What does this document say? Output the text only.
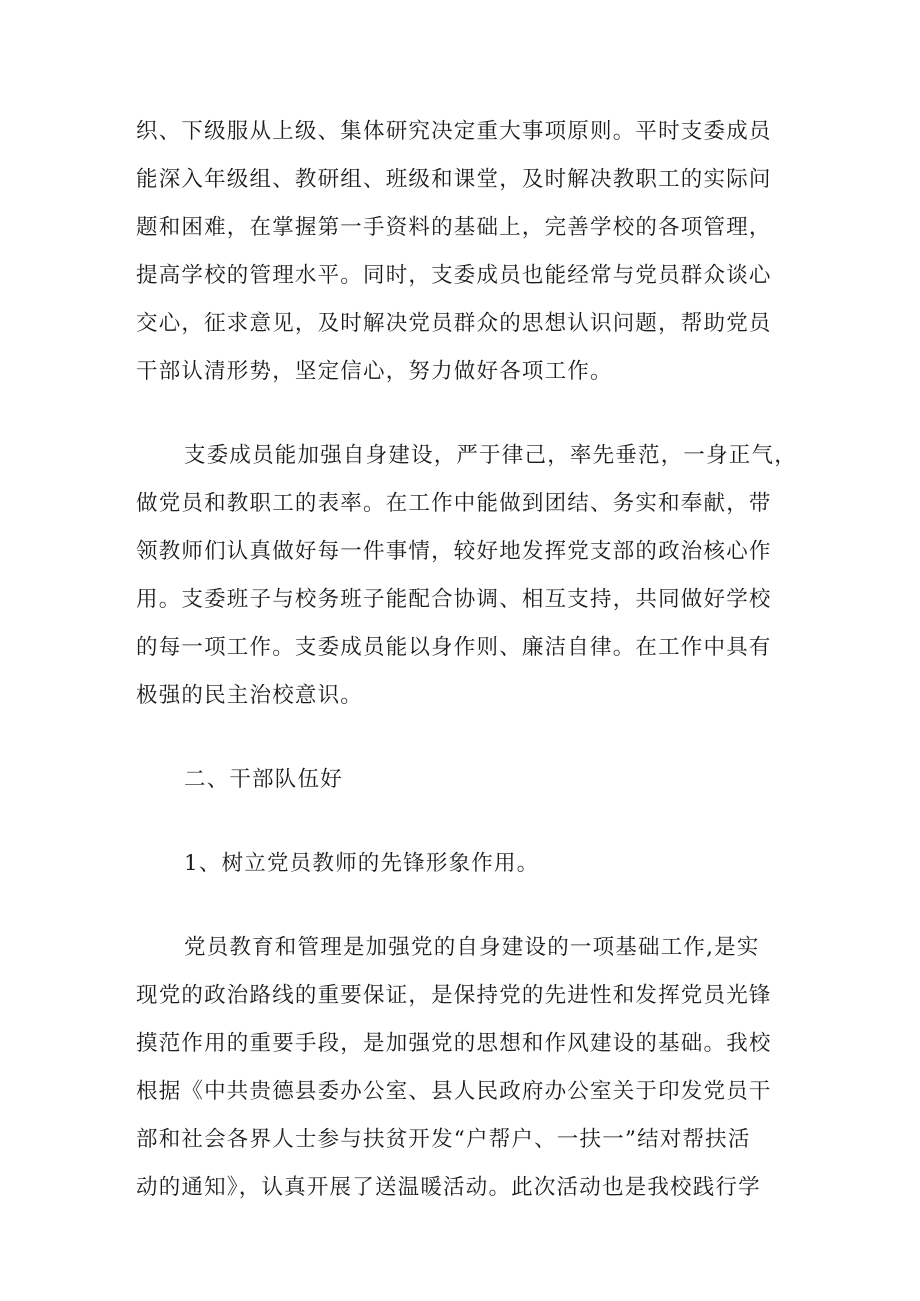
织、下级服从上级、集体研究决定重大事项原则。平时支委成员
能深入年级组、教研组、班级和课堂，及时解决教职工的实际问
题和困难，在掌握第一手资料的基础上，完善学校的各项管理，
提高学校的管理水平。同时，支委成员也能经常与党员群众谈心
交心，征求意见，及时解决党员群众的思想认识问题，帮助党员
干部认清形势，坚定信心，努力做好各项工作。

支委成员能加强自身建设，严于律己，率先垂范，一身正气，
做党员和教职工的表率。在工作中能做到团结、务实和奉献，带
领教师们认真做好每一件事情，较好地发挥党支部的政治核心作
用。支委班子与校务班子能配合协调、相互支持，共同做好学校
的每一项工作。支委成员能以身作则、廉洁自律。在工作中具有
极强的民主治校意识。

二、干部队伍好

1、树立党员教师的先锋形象作用。

党员教育和管理是加强党的自身建设的一项基础工作,是实
现党的政治路线的重要保证，是保持党的先进性和发挥党员光锋
摸范作用的重要手段，是加强党的思想和作风建设的基础。我校
根据《中共贵德县委办公室、县人民政府办公室关于印发党员干
部和社会各界人士参与扶贫开发“户帮户、一扶一”结对帮扶活
动的通知》，认真开展了送温暖活动。此次活动也是我校践行学
